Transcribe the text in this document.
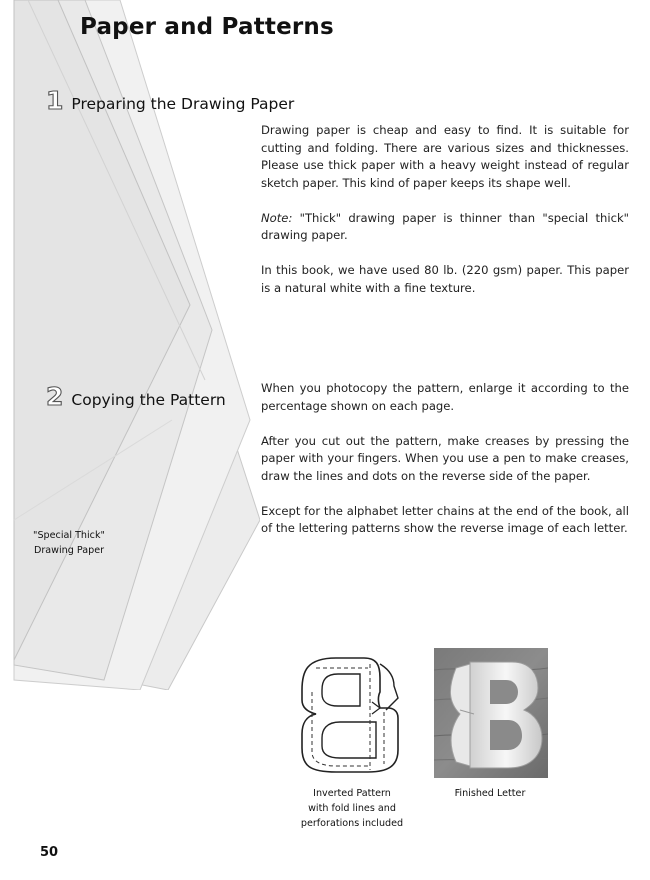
Paper and Patterns
1 Preparing the Drawing Paper

Drawing paper is cheap and easy to find. It is suitable for cutting and folding. There are various sizes and thicknesses. Please use thick paper with a heavy weight instead of regular sketch paper. This kind of paper keeps its shape well.

Note: "Thick" drawing paper is thinner than "special thick" drawing paper.

In this book, we have used 80 lb. (220 gsm) paper. This paper is a natural white with a fine texture.

2 Copying the Pattern

When you photocopy the pattern, enlarge it according to the percentage shown on each page.

After you cut out the pattern, make creases by pressing the paper with your fingers. When you use a pen to make creases, draw the lines and dots on the reverse side of the paper.

Except for the alphabet letter chains at the end of the book, all of the lettering patterns show the reverse image of each letter.

"Special Thick"
Drawing Paper
Inverted Pattern
with fold lines and
perforations included
Finished Letter
50
